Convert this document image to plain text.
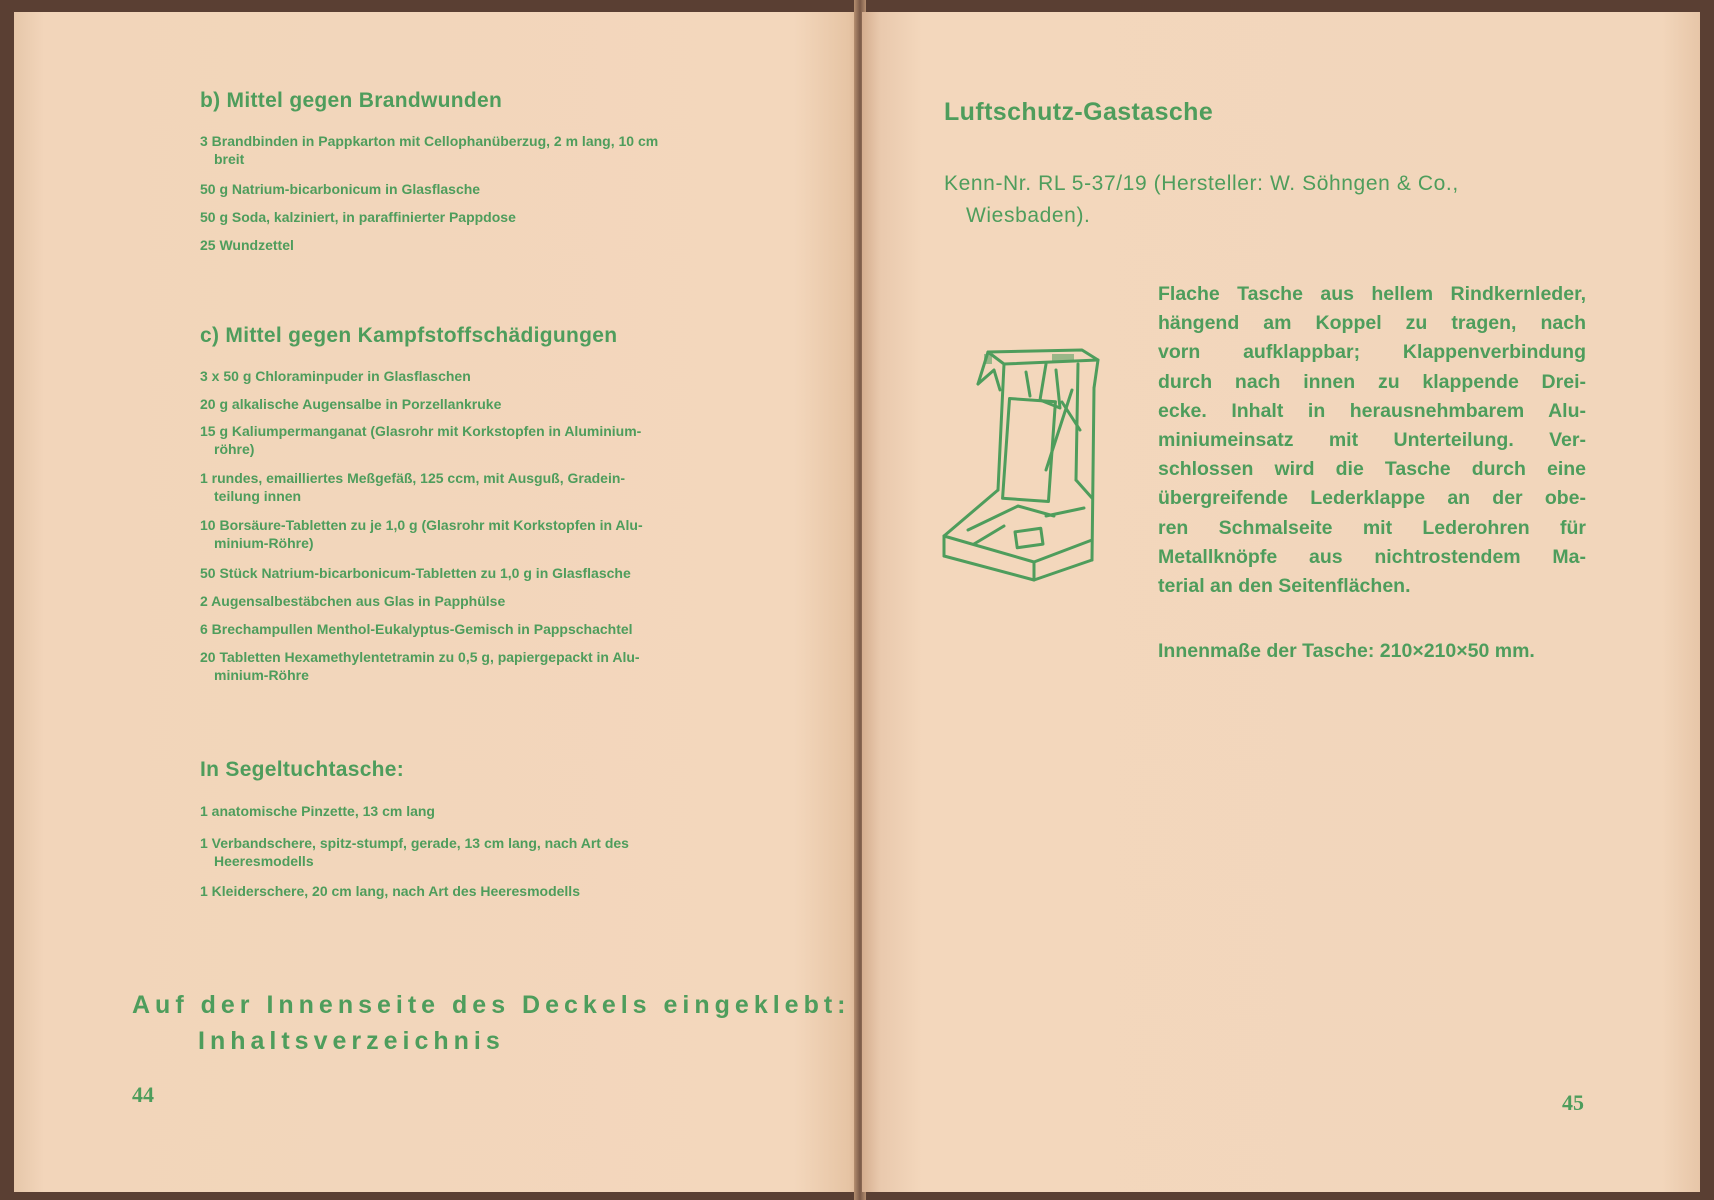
b) Mittel gegen Brandwunden
3 Brandbinden in Pappkarton mit Cellophanüberzug, 2 m lang, 10 cm
breit
50 g Natrium-bicarbonicum in Glasflasche
50 g Soda, kalziniert, in paraffinierter Pappdose
25 Wundzettel
c) Mittel gegen Kampfstoffschädigungen
3 x 50 g Chloraminpuder in Glasflaschen
20 g alkalische Augensalbe in Porzellankruke
15 g Kaliumpermanganat (Glasrohr mit Korkstopfen in Aluminium-
röhre)
1 rundes, emailliertes Meßgefäß, 125 ccm, mit Ausguß, Gradein-
teilung innen
10 Borsäure-Tabletten zu je 1,0 g (Glasrohr mit Korkstopfen in Alu-
minium-Röhre)
50 Stück Natrium-bicarbonicum-Tabletten zu 1,0 g in Glasflasche
2 Augensalbestäbchen aus Glas in Papphülse
6 Brechampullen Menthol-Eukalyptus-Gemisch in Pappschachtel
20 Tabletten Hexamethylentetramin zu 0,5 g, papiergepackt in Alu-
minium-Röhre
In Segeltuchtasche:
1 anatomische Pinzette, 13 cm lang
1 Verbandschere, spitz-stumpf, gerade, 13 cm lang, nach Art des
Heeresmodells
1 Kleiderschere, 20 cm lang, nach Art des Heeresmodells
Auf der Innenseite des Deckels eingeklebt:
Inhaltsverzeichnis
44
Luftschutz-Gastasche
Kenn-Nr. RL 5-37/19 (Hersteller: W. Söhngen & Co.,
Wiesbaden).
Flache Tasche aus hellem Rindkernleder,
hängend am Koppel zu tragen, nach
vorn aufklappbar; Klappenverbindung
durch nach innen zu klappende Drei-
ecke. Inhalt in herausnehmbarem Alu-
miniumeinsatz mit Unterteilung. Ver-
schlossen wird die Tasche durch eine
übergreifende Lederklappe an der obe-
ren Schmalseite mit Lederohren für
Metallknöpfe aus nichtrostendem Ma-
terial an den Seitenflächen.
Innenmaße der Tasche: 210×210×50 mm.
45
